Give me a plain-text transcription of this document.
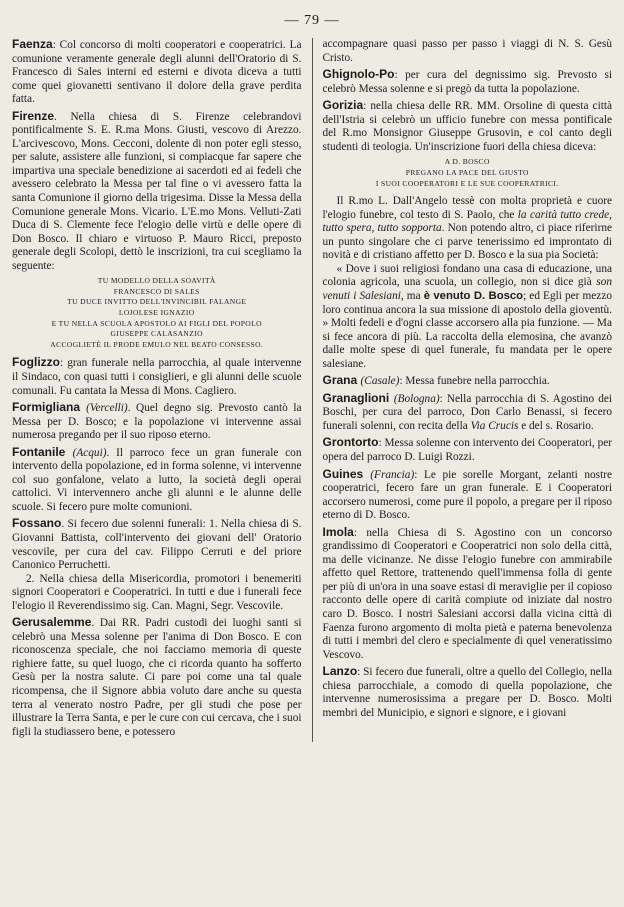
— 79 —

Faenza: Col concorso di molti cooperatori e cooperatrici. La comunione veramente generale degli alunni dell'Oratorio di S. Francesco di Sales interni ed esterni e divota diceva a tutti come quei giovanetti sentivano il dolore della grave perdita fatta.

Firenze. Nella chiesa di S. Firenze celebrandovi pontificalmente S. E. R.ma Mons. Giusti, vescovo di Arezzo. L'arcivescovo, Mons. Cecconi, dolente di non poter egli stesso, per salute, assistere alle funzioni, si compiacque far sapere che impartiva una speciale benedizione ai sacerdoti ed ai fedeli che avessero celebrato la Messa per tal fine o vi avessero fatta la santa Comunione il giorno della trigesima. Disse la Messa della Comunione generale Mons. Vicario. L'E.mo Mons. Velluti-Zati Duca di S. Clemente fece l'elogio delle virtù e delle opere di Don Bosco. Il chiaro e virtuoso P. Mauro Ricci, preposto generale degli Scolopi, dettò le inscrizioni, tra cui scegliamo la seguente:

TU MODELLO DELLA SOAVITÀ
FRANCESCO DI SALES
TU DUCE INVITTO DELL'INVINCIBIL FALANGE
LOJOLESE IGNAZIO
E TU NELLA SCUOLA APOSTOLO AI FIGLI DEL POPOLO
GIUSEPPE CALASANZIO
ACCOGLIETÈ IL PRODE EMULO NEL BEATO CONSESSO.

Foglizzo: gran funerale nella parrocchia, al quale intervenne il Sindaco, con quasi tutti i consiglieri, e gli alunni delle scuole comunali. Fu cantata la Messa di Mons. Cagliero.

Formigliana (Vercelli). Quel degno sig. Prevosto cantò la Messa per D. Bosco; e la popolazione vi intervenne assai numerosa pregando per il suo riposo eterno.

Fontanile (Acqui). Il parroco fece un gran funerale con intervento della popolazione, ed in forma solenne, vi intervenne col suo gonfalone, velato a lutto, la società degli operai cattolici. Vi intervennero anche gli alunni e le alunne delle scuole. Si fecero pure molte comunioni.

Fossano. Si fecero due solenni funerali: 1. Nella chiesa di S. Giovanni Battista, coll'intervento dei giovani dell' Oratorio vescovile, per cura del cav. Filippo Cerruti e del priore Canonico Perruchetti.

2. Nella chiesa della Misericordia, promotori i benemeriti signori Cooperatori e Cooperatrici. In tutti e due i funerali fece l'elogio il Reverendissimo sig. Can. Magni, Segr. Vescovile.

Gerusalemme. Dai RR. Padri custodi dei luoghi santi si celebrò una Messa solenne per l'anima di Don Bosco. E con riconoscenza speciale, che noi facciamo memoria di queste righiere fatte, su quel luogo, che ci ricorda quanto ha sofferto Gesù per la nostra salute. Ci pare poi come una tal quale ricompensa, che il Signore abbia voluto dare anche su questa terra al venerato nostro Padre, per gli studi che pose per illustrare la Terra Santa, e per le cure con cui cercava, che i suoi figli la studiassero bene, e potessero

accompagnare quasi passo per passo i viaggi di N. S. Gesù Cristo.

Ghignolo-Po: per cura del degnissimo sig. Prevosto si celebrò Messa solenne e si pregò da tutta la popolazione.

Gorizia: nella chiesa delle RR. MM. Orsoline di questa città dell'Istria si celebrò un ufficio funebre con messa pontificale del R.mo Monsignor Giuseppe Grusovin, e col canto degli studenti di teologia. Un'inscrizione fuori della chiesa diceva:

A D. BOSCO
PREGANO LA PACE DEL GIUSTO
I SUOI COOPERATORI E LE SUE COOPERATRICI.

Il R.mo L. Dall'Angelo tessè con molta proprietà e cuore l'elogio funebre, col testo di S. Paolo, che la carità tutto crede, tutto spera, tutto sopporta. Non potendo altro, ci piace riferirne un punto singolare che ci parve tenerissimo ed improntato di novità e di cristiano affetto per D. Bosco e la sua pia Società:

« Dove i suoi religiosi fondano una casa di educazione, una colonia agricola, una scuola, un collegio, non si dice già son venuti i Salesiani, ma è venuto D. Bosco; ed Egli per mezzo loro continua ancora la sua missione di apostolo della gioventù. » Molti fedeli e d'ogni classe accorsero alla pia funzione. — Ma si fece ancora di più. La raccolta della elemosina, che avanzò dalle molte spese di quel funerale, fu mandata per le opere salesiane.

Grana (Casale): Messa funebre nella parrocchia.

Granaglioni (Bologna): Nella parrocchia di S. Agostino dei Boschi, per cura del parroco, Don Carlo Benassi, si fecero funerali solenni, con recita della Via Crucis e del s. Rosario.

Grontorto: Messa solenne con intervento dei Cooperatori, per opera del parroco D. Luigi Rozzi.

Guines (Francia): Le pie sorelle Morgant, zelanti nostre cooperatrici, fecero fare un gran funerale. E i Cooperatori accorsero numerosi, come pure il popolo, a pregare per il riposo eterno di D. Bosco.

Imola: nella Chiesa di S. Agostino con un concorso grandissimo di Cooperatori e Cooperatrici non solo della città, ma delle vicinanze. Ne disse l'elogio funebre con ammirabile affetto quel Rettore, trattenendo quell'immensa folla di gente per più di un'ora in una soave estasi di meraviglie per il copioso racconto delle opere di carità compiute od iniziate dal nostro caro D. Bosco. I nostri Salesiani accorsi dalla vicina città di Faenza furono argomento di molta pietà e paterna benevolenza di tutti i membri del clero e specialmente di quel veneratissimo Vescovo.

Lanzo: Si fecero due funerali, oltre a quello del Collegio, nella chiesa parrocchiale, a comodo di quella popolazione, che intervenne numerosissima a pregare per D. Bosco. Molti membri del Municipio, e signori e signore, e i giovani
